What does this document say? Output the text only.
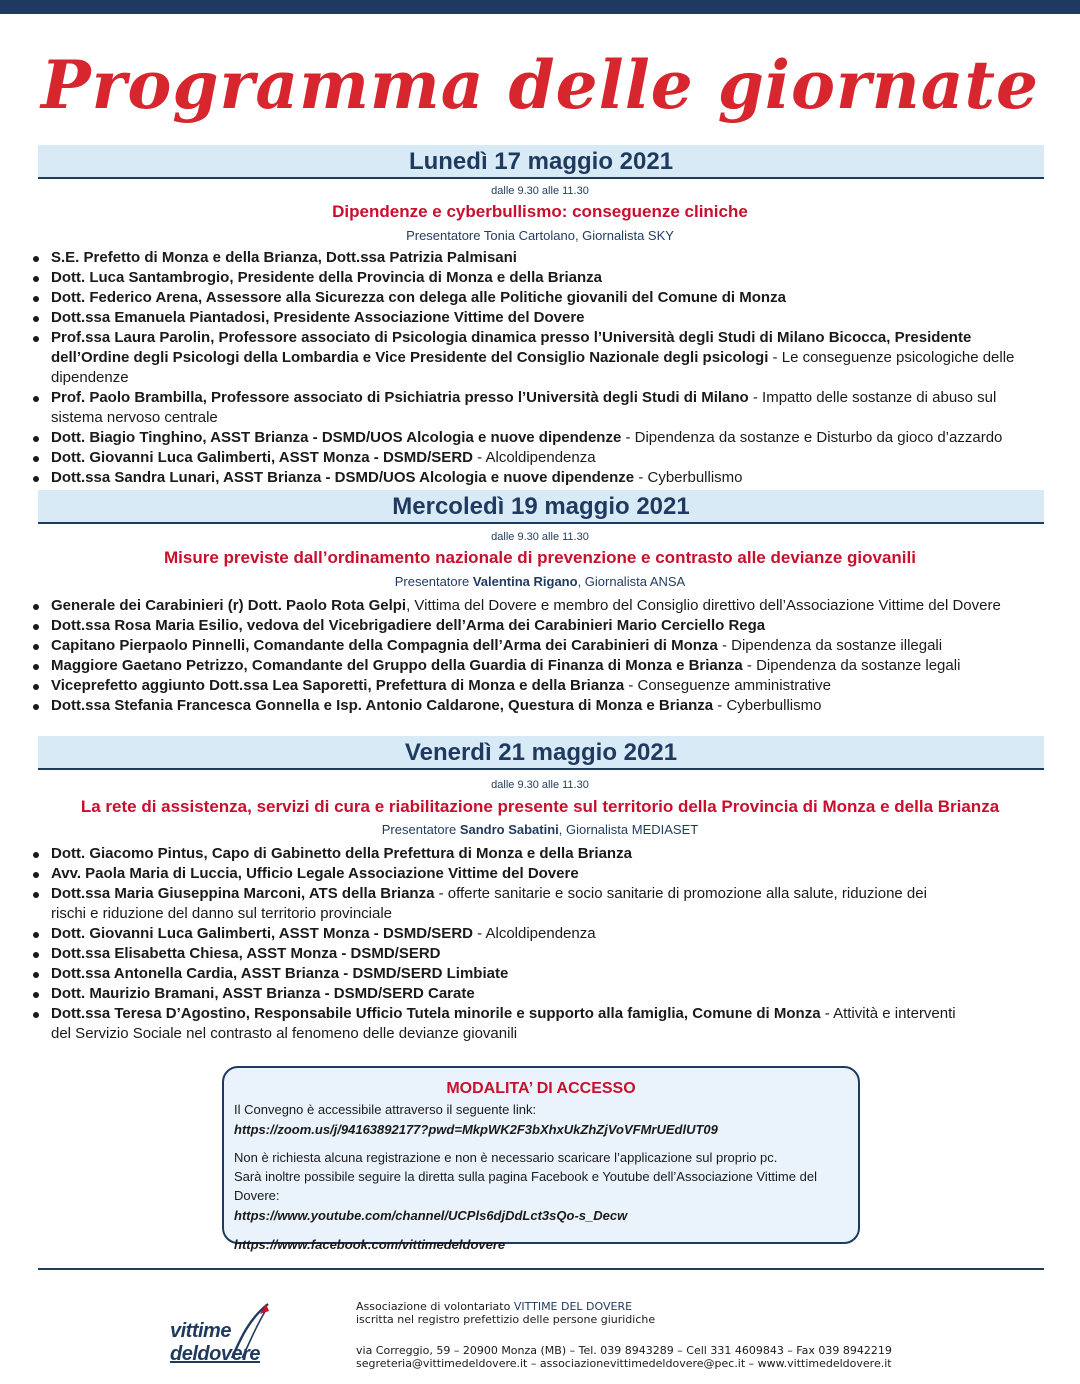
Programma delle giornate
Lunedì 17 maggio 2021
dalle 9.30 alle 11.30
Dipendenze e cyberbullismo: conseguenze cliniche
Presentatore Tonia Cartolano, Giornalista SKY
S.E. Prefetto di Monza e della Brianza, Dott.ssa Patrizia Palmisani
Dott. Luca Santambrogio, Presidente della Provincia di Monza e della Brianza
Dott. Federico Arena, Assessore alla Sicurezza con delega alle Politiche giovanili del Comune di Monza
Dott.ssa Emanuela Piantadosi, Presidente Associazione Vittime del Dovere
Prof.ssa Laura Parolin, Professore associato di Psicologia dinamica presso l’Università degli Studi di Milano Bicocca, Presidente dell’Ordine degli Psicologi della Lombardia e Vice Presidente del Consiglio Nazionale degli psicologi - Le conseguenze psicologiche delle dipendenze
Prof. Paolo Brambilla, Professore associato di Psichiatria presso l’Università degli Studi di Milano - Impatto delle sostanze di abuso sul sistema nervoso centrale
Dott. Biagio Tinghino, ASST Brianza - DSMD/UOS Alcologia e nuove dipendenze - Dipendenza da sostanze e Disturbo da gioco d’azzardo
Dott. Giovanni Luca Galimberti, ASST Monza - DSMD/SERD - Alcoldipendenza
Dott.ssa Sandra Lunari, ASST Brianza - DSMD/UOS Alcologia e nuove dipendenze - Cyberbullismo
Mercoledì 19 maggio 2021
dalle 9.30 alle 11.30
Misure previste dall’ordinamento nazionale di prevenzione e contrasto alle devianze giovanili
Presentatore Valentina Rigano, Giornalista ANSA
Generale dei Carabinieri (r) Dott. Paolo Rota Gelpi, Vittima del Dovere e membro del Consiglio direttivo dell’Associazione Vittime del Dovere
Dott.ssa Rosa Maria Esilio, vedova del Vicebrigadiere dell’Arma dei Carabinieri Mario Cerciello Rega
Capitano Pierpaolo Pinnelli, Comandante della Compagnia dell’Arma dei Carabinieri di Monza - Dipendenza da sostanze illegali
Maggiore Gaetano Petrizzo, Comandante del Gruppo della Guardia di Finanza di Monza e Brianza - Dipendenza da sostanze legali
Viceprefetto aggiunto Dott.ssa Lea Saporetti, Prefettura di Monza e della Brianza - Conseguenze amministrative
Dott.ssa Stefania Francesca Gonnella e Isp. Antonio Caldarone, Questura di Monza e Brianza - Cyberbullismo
Venerdì 21 maggio 2021
dalle 9.30 alle 11.30
La rete di assistenza, servizi di cura e riabilitazione presente sul territorio della Provincia di Monza e della Brianza
Presentatore Sandro Sabatini, Giornalista MEDIASET
Dott. Giacomo Pintus, Capo di Gabinetto della Prefettura di Monza e della Brianza
Avv. Paola Maria di Luccia, Ufficio Legale Associazione Vittime del Dovere
Dott.ssa Maria Giuseppina Marconi, ATS della Brianza - offerte sanitarie e socio sanitarie di promozione alla salute, riduzione dei rischi e riduzione del danno sul territorio provinciale
Dott. Giovanni Luca Galimberti, ASST Monza - DSMD/SERD - Alcoldipendenza
Dott.ssa Elisabetta Chiesa, ASST Monza - DSMD/SERD
Dott.ssa Antonella Cardia, ASST Brianza - DSMD/SERD Limbiate
Dott. Maurizio Bramani, ASST Brianza - DSMD/SERD Carate
Dott.ssa Teresa D’Agostino, Responsabile Ufficio Tutela minorile e supporto alla famiglia, Comune di Monza - Attività e interventi del Servizio Sociale nel contrasto al fenomeno delle devianze giovanili
MODALITA’ DI ACCESSO
Il Convegno è accessibile attraverso il seguente link:
https://zoom.us/j/94163892177?pwd=MkpWK2F3bXhxUkZhZjVoVFMrUEdlUT09
Non è richiesta alcuna registrazione e non è necessario scaricare l’applicazione sul proprio pc.
Sarà inoltre possibile seguire la diretta sulla pagina Facebook e Youtube dell’Associazione Vittime del Dovere:
https://www.youtube.com/channel/UCPls6djDdLct3sQo-s_Decw
https://www.facebook.com/vittimedeldovere
vittimedeldovere
Associazione di volontariato VITTIME DEL DOVERE
iscritta nel registro prefettizio delle persone giuridiche
via Correggio, 59 – 20900 Monza (MB) – Tel. 039 8943289 – Cell 331 4609843 – Fax 039 8942219
segreteria@vittimedeldovere.it – associazionevittimedeldovere@pec.it – www.vittimedeldovere.it
